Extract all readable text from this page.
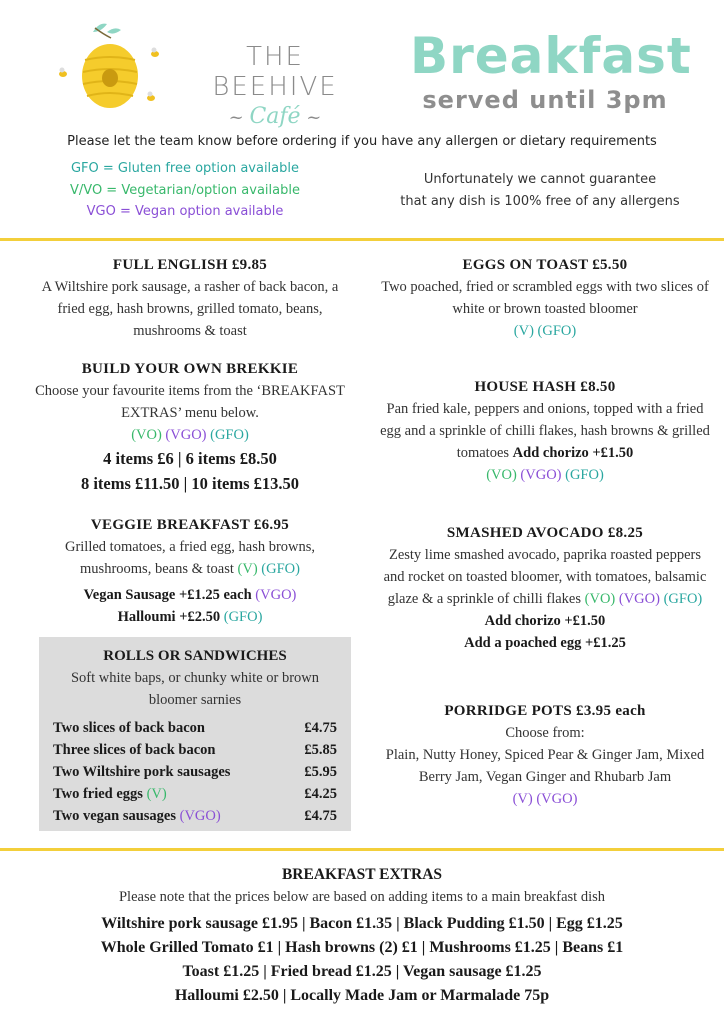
THE BEEHIVE
~ Café ~
Breakfast
served until 3pm
Please let the team know before ordering if you have any allergen or dietary requirements
GFO = Gluten free option available
V/VO = Vegetarian/option available
VGO = Vegan option available
Unfortunately we cannot guarantee
that any dish is 100% free of any allergens
FULL ENGLISH £9.85
A Wiltshire pork sausage, a rasher of back bacon, a fried egg, hash browns, grilled tomato, beans, mushrooms & toast
BUILD YOUR OWN BREKKIE
Choose your favourite items from the ‘BREAKFAST EXTRAS’ menu below.
(VO) (VGO) (GFO)
4 items £6 | 6 items £8.50
8 items £11.50 | 10 items £13.50
VEGGIE BREAKFAST £6.95
Grilled tomatoes, a fried egg, hash browns, mushrooms, beans & toast (V) (GFO)
Vegan Sausage +£1.25 each (VGO)
Halloumi +£2.50 (GFO)
ROLLS OR SANDWICHES
Soft white baps, or chunky white or brown bloomer sarnies
Two slices of back bacon	£4.75
Three slices of back bacon	£5.85
Two Wiltshire pork sausages	£5.95
Two fried eggs (V)	£4.25
Two vegan sausages (VGO)	£4.75
EGGS ON TOAST £5.50
Two poached, fried or scrambled eggs with two slices of white or brown toasted bloomer
(V) (GFO)
HOUSE HASH £8.50
Pan fried kale, peppers and onions, topped with a fried egg and a sprinkle of chilli flakes, hash browns & grilled tomatoes Add chorizo +£1.50
(VO) (VGO) (GFO)
SMASHED AVOCADO £8.25
Zesty lime smashed avocado, paprika roasted peppers and rocket on toasted bloomer, with tomatoes, balsamic glaze & a sprinkle of chilli flakes (VO) (VGO) (GFO)
Add chorizo +£1.50
Add a poached egg +£1.25
PORRIDGE POTS £3.95 each
Choose from:
Plain, Nutty Honey, Spiced Pear & Ginger Jam, Mixed Berry Jam, Vegan Ginger and Rhubarb Jam
(V) (VGO)
BREAKFAST EXTRAS
Please note that the prices below are based on adding items to a main breakfast dish
Wiltshire pork sausage £1.95 | Bacon £1.35 | Black Pudding £1.50 | Egg £1.25
Whole Grilled Tomato £1 | Hash browns (2) £1 | Mushrooms £1.25 | Beans £1
Toast £1.25 | Fried bread £1.25 | Vegan sausage £1.25
Halloumi £2.50 | Locally Made Jam or Marmalade 75p
